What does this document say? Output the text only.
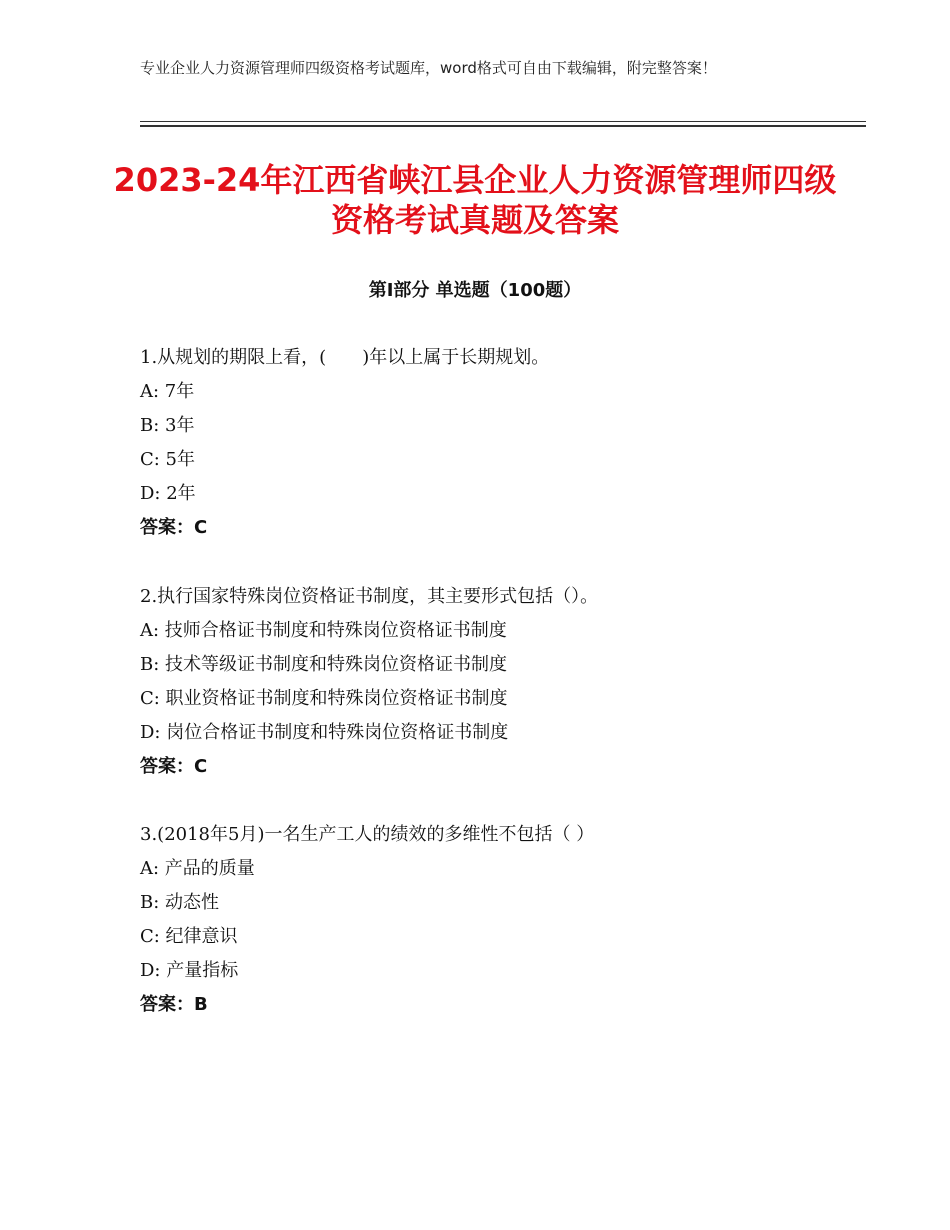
专业企业人力资源管理师四级资格考试题库，word格式可自由下载编辑，附完整答案！
2023-24年江西省峡江县企业人力资源管理师四级资格考试真题及答案
第Ⅰ部分 单选题（100题）
1.从规划的期限上看，(　　)年以上属于长期规划。
A: 7年
B: 3年
C: 5年
D: 2年
答案：C
2.执行国家特殊岗位资格证书制度，其主要形式包括（）。
A: 技师合格证书制度和特殊岗位资格证书制度
B: 技术等级证书制度和特殊岗位资格证书制度
C: 职业资格证书制度和特殊岗位资格证书制度
D: 岗位合格证书制度和特殊岗位资格证书制度
答案：C
3.(2018年5月)一名生产工人的绩效的多维性不包括（ ）
A: 产品的质量
B: 动态性
C: 纪律意识
D: 产量指标
答案：B
